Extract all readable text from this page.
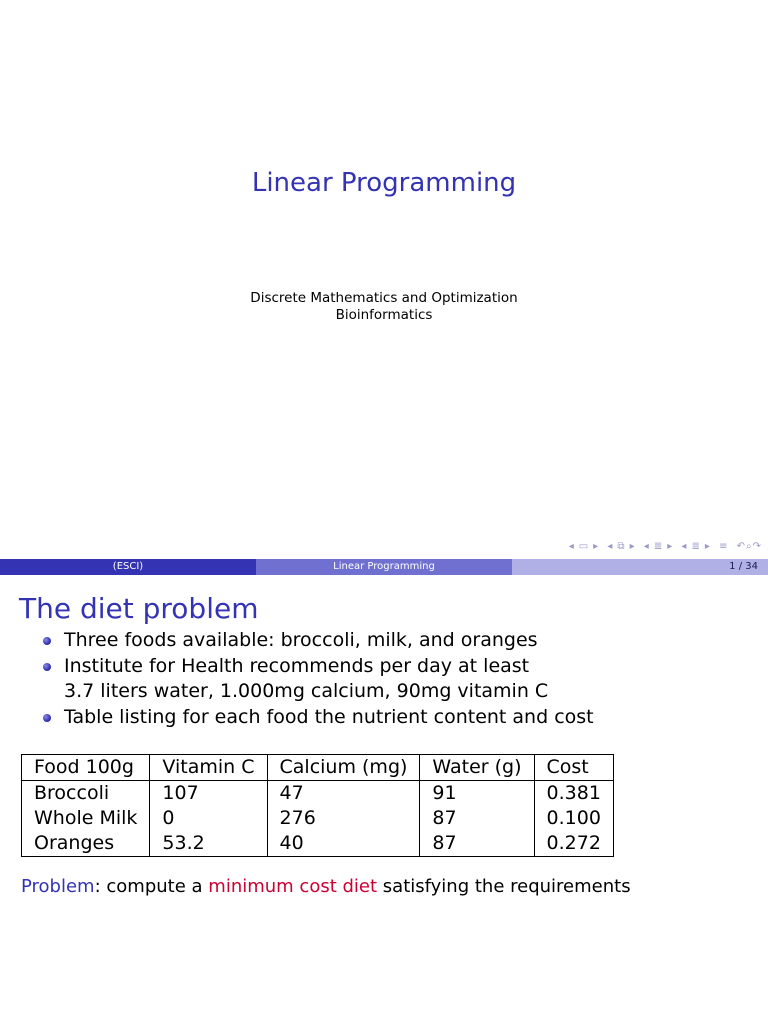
Linear Programming
Discrete Mathematics and Optimization
Bioinformatics
◂ ▭ ▸ ◂ ⧉ ▸ ◂ ≣ ▸ ◂ ≣ ▸ ≡ ↶⌕↷
(ESCI)	Linear Programming	1 / 34
The diet problem
Three foods available: broccoli, milk, and oranges
Institute for Health recommends per day at least
3.7 liters water, 1.000mg calcium, 90mg vitamin C
Table listing for each food the nutrient content and cost
Food 100g	Vitamin C	Calcium (mg)	Water (g)	Cost
Broccoli	107	47	91	0.381
Whole Milk	0	276	87	0.100
Oranges	53.2	40	87	0.272
Problem: compute a minimum cost diet satisfying the requirements
